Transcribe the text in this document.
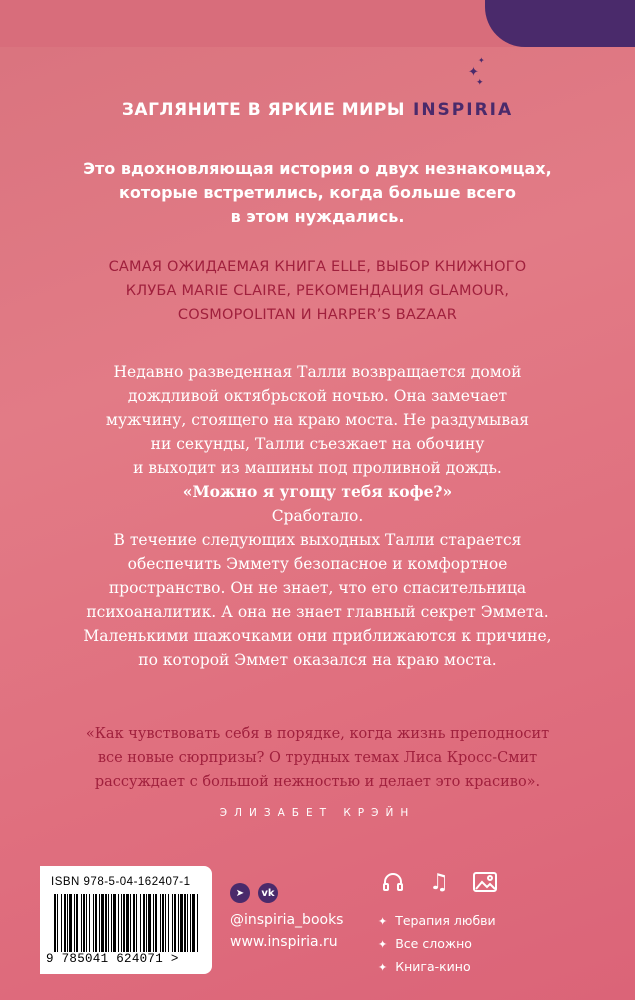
✦
✦
✦
ЗАГЛЯНИТЕ В ЯРКИЕ МИРЫ INSPIRIA
Это вдохновляющая история о двух незнакомцах,
которые встретились, когда больше всего
в этом нуждались.
САМАЯ ОЖИДАЕМАЯ КНИГА ELLE, ВЫБОР КНИЖНОГО
КЛУБА MARIE CLAIRE, РЕКОМЕНДАЦИЯ GLAMOUR,
COSMOPOLITAN И HARPER’S BAZAAR
Недавно разведенная Талли возвращается домой
дождливой октябрьской ночью. Она замечает
мужчину, стоящего на краю моста. Не раздумывая
ни секунды, Талли съезжает на обочину
и выходит из машины под проливной дождь.
«Можно я угощу тебя кофе?»
Сработало.
В течение следующих выходных Талли старается
обеспечить Эммету безопасное и комфортное
пространство. Он не знает, что его спасительница
психоаналитик. А она не знает главный секрет Эммета.
Маленькими шажочками они приближаются к причине,
по которой Эммет оказался на краю моста.
«Как чувствовать себя в порядке, когда жизнь преподносит
все новые сюрпризы? О трудных темах Лиса Кросс-Смит
рассуждает с большой нежностью и делает это красиво».
ЭЛИЗАБЕТ КРЭЙН
ISBN 978-5-04-162407-1
9 785041 624071 >
➤	vk
@inspiria_books
www.inspiria.ru
♫
✦ Терапия любви
✦ Все сложно
✦ Книга-кино
